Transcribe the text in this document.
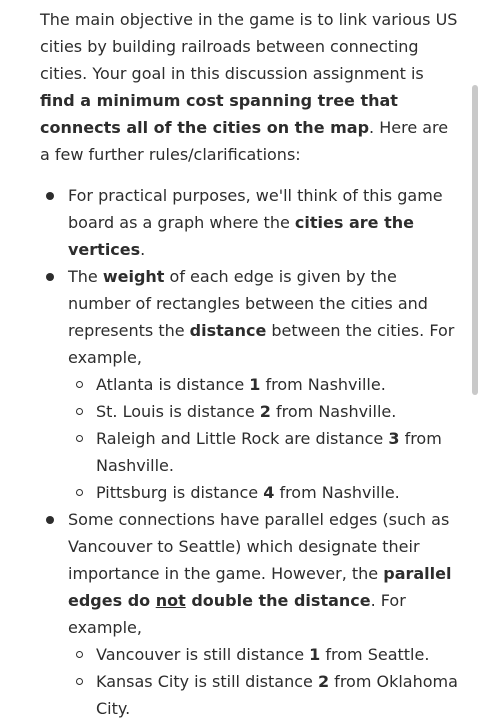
The main objective in the game is to link various US cities by building railroads between connecting cities. Your goal in this discussion assignment is find a minimum cost spanning tree that connects all of the cities on the map. Here are a few further rules/clarifications:

For practical purposes, we'll think of this game board as a graph where the cities are the vertices.
The weight of each edge is given by the number of rectangles between the cities and represents the distance between the cities. For example,
Atlanta is distance 1 from Nashville.
St. Louis is distance 2 from Nashville.
Raleigh and Little Rock are distance 3 from Nashville.
Pittsburg is distance 4 from Nashville.
Some connections have parallel edges (such as Vancouver to Seattle) which designate their importance in the game. However, the parallel edges do not double the distance. For example,
Vancouver is still distance 1 from Seattle.
Kansas City is still distance 2 from Oklahoma City.
